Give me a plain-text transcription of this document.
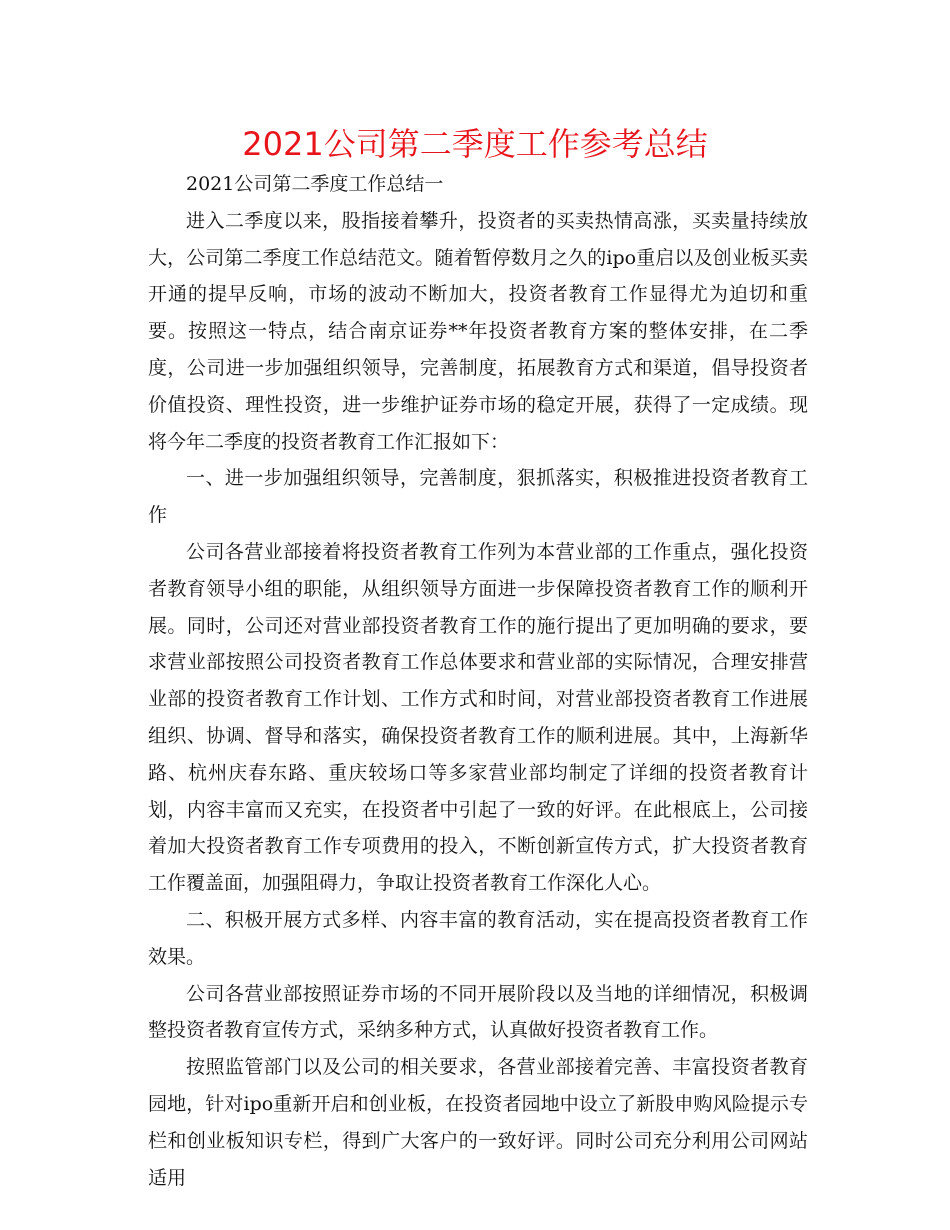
2021公司第二季度工作参考总结

2021公司第二季度工作总结一

进入二季度以来，股指接着攀升，投资者的买卖热情高涨，买卖量持续放大，公司第二季度工作总结范文。随着暂停数月之久的ipo重启以及创业板买卖开通的提早反响，市场的波动不断加大，投资者教育工作显得尤为迫切和重要。按照这一特点，结合南京证券**年投资者教育方案的整体安排，在二季度，公司进一步加强组织领导，完善制度，拓展教育方式和渠道，倡导投资者价值投资、理性投资，进一步维护证券市场的稳定开展，获得了一定成绩。现将今年二季度的投资者教育工作汇报如下：

一、进一步加强组织领导，完善制度，狠抓落实，积极推进投资者教育工作

公司各营业部接着将投资者教育工作列为本营业部的工作重点，强化投资者教育领导小组的职能，从组织领导方面进一步保障投资者教育工作的顺利开展。同时，公司还对营业部投资者教育工作的施行提出了更加明确的要求，要求营业部按照公司投资者教育工作总体要求和营业部的实际情况，合理安排营业部的投资者教育工作计划、工作方式和时间，对营业部投资者教育工作进展组织、协调、督导和落实，确保投资者教育工作的顺利进展。其中，上海新华路、杭州庆春东路、重庆较场口等多家营业部均制定了详细的投资者教育计划，内容丰富而又充实，在投资者中引起了一致的好评。在此根底上，公司接着加大投资者教育工作专项费用的投入，不断创新宣传方式，扩大投资者教育工作覆盖面，加强阻碍力，争取让投资者教育工作深化人心。

二、积极开展方式多样、内容丰富的教育活动，实在提高投资者教育工作效果。

公司各营业部按照证券市场的不同开展阶段以及当地的详细情况，积极调整投资者教育宣传方式，采纳多种方式，认真做好投资者教育工作。

按照监管部门以及公司的相关要求，各营业部接着完善、丰富投资者教育园地，针对ipo重新开启和创业板，在投资者园地中设立了新股申购风险提示专栏和创业板知识专栏，得到广大客户的一致好评。同时公司充分利用公司网站适用
